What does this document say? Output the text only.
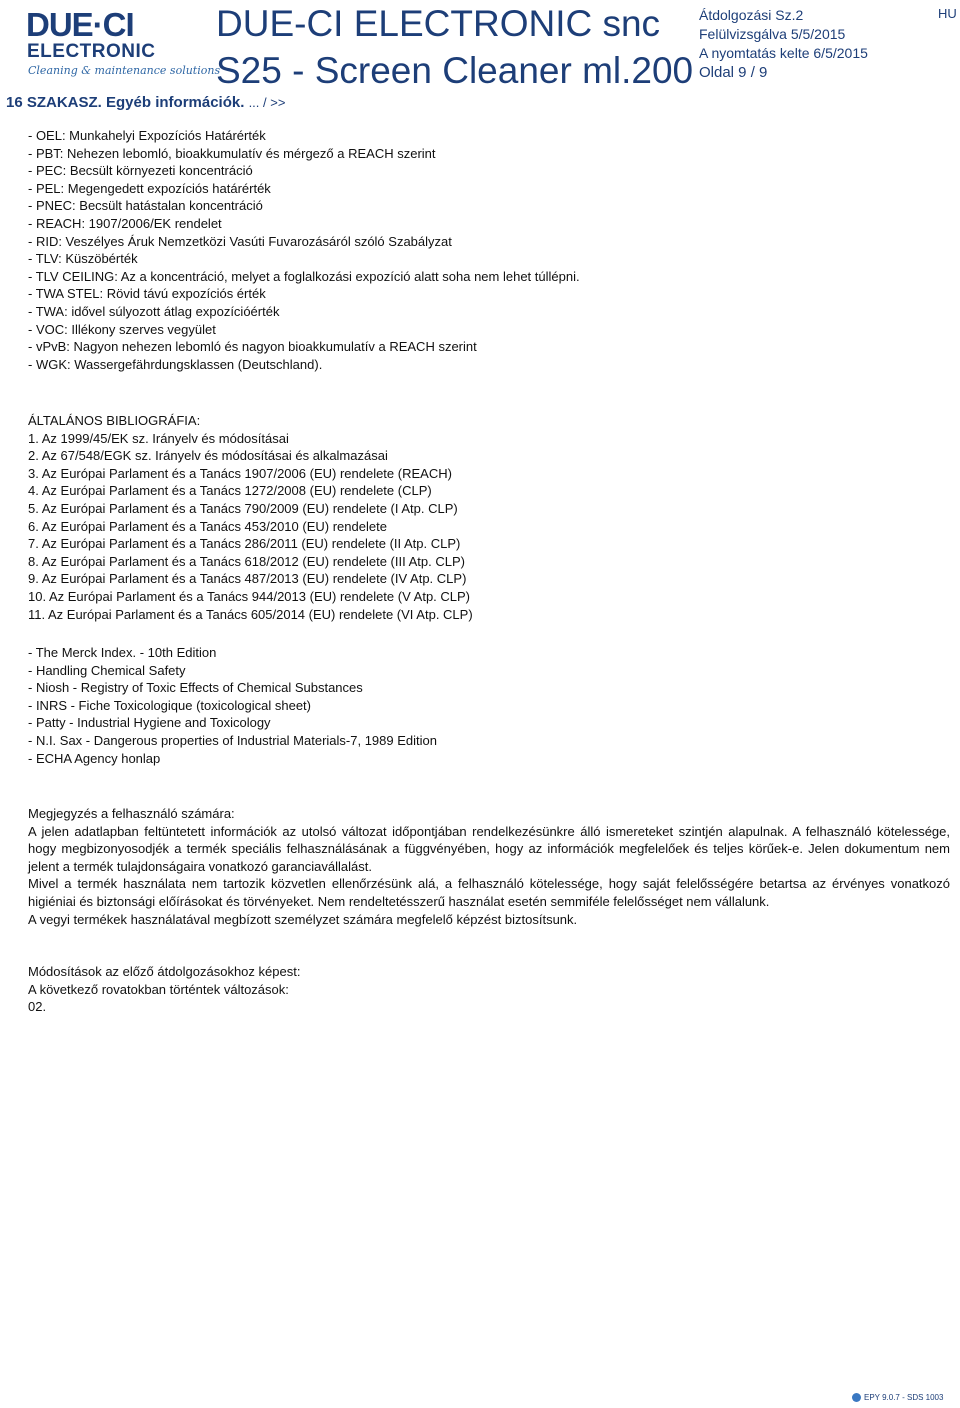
DUE·CI
ELECTRONIC
Cleaning & maintenance solutions
DUE-CI ELECTRONIC snc
S25 - Screen Cleaner ml.200
Átdolgozási Sz.2
Felülvizsgálva 5/5/2015
A nyomtatás kelte 6/5/2015
Oldal 9 / 9
HU
16 SZAKASZ. Egyéb információk. ... / >>
- OEL: Munkahelyi Expozíciós Határérték
- PBT: Nehezen lebomló, bioakkumulatív és mérgező a REACH szerint
- PEC: Becsült környezeti koncentráció
- PEL: Megengedett expozíciós határérték
- PNEC: Becsült hatástalan koncentráció
- REACH: 1907/2006/EK rendelet
- RID: Veszélyes Áruk Nemzetközi Vasúti Fuvarozásáról szóló Szabályzat
- TLV: Küszöbérték
- TLV CEILING: Az a koncentráció, melyet a foglalkozási expozíció alatt soha nem lehet túllépni.
- TWA STEL: Rövid távú expozíciós érték
- TWA: idővel súlyozott átlag expozícióérték
- VOC: Illékony szerves vegyület
- vPvB: Nagyon nehezen lebomló és nagyon bioakkumulatív a REACH szerint
- WGK: Wassergefährdungsklassen (Deutschland).
ÁLTALÁNOS BIBLIOGRÁFIA:
1. Az 1999/45/EK sz. Irányelv és módosításai
2. Az 67/548/EGK sz. Irányelv és módosításai és alkalmazásai
3. Az Európai Parlament és a Tanács 1907/2006 (EU) rendelete (REACH)
4. Az Európai Parlament és a Tanács 1272/2008 (EU) rendelete (CLP)
5. Az Európai Parlament és a Tanács 790/2009 (EU) rendelete (I Atp. CLP)
6. Az Európai Parlament és a Tanács 453/2010 (EU) rendelete
7. Az Európai Parlament és a Tanács 286/2011 (EU) rendelete (II Atp. CLP)
8. Az Európai Parlament és a Tanács 618/2012 (EU) rendelete (III Atp. CLP)
9. Az Európai Parlament és a Tanács 487/2013 (EU) rendelete (IV Atp. CLP)
10. Az Európai Parlament és a Tanács 944/2013 (EU) rendelete (V Atp. CLP)
11. Az Európai Parlament és a Tanács 605/2014 (EU) rendelete (VI Atp. CLP)
- The Merck Index. - 10th Edition
- Handling Chemical Safety
- Niosh - Registry of Toxic Effects of Chemical Substances
- INRS - Fiche Toxicologique (toxicological sheet)
- Patty - Industrial Hygiene and Toxicology
- N.I. Sax - Dangerous properties of Industrial Materials-7, 1989 Edition
- ECHA Agency honlap
Megjegyzés a felhasználó számára:

A jelen adatlapban feltüntetett információk az utolsó változat időpontjában rendelkezésünkre álló ismereteket szintjén alapulnak. A felhasználó kötelessége, hogy megbizonyosodjék a termék speciális felhasználásának a függvényében, hogy az információk megfelelőek és teljes körűek-e. Jelen dokumentum nem jelent a termék tulajdonságaira vonatkozó garanciavállalást.

Mivel a termék használata nem tartozik közvetlen ellenőrzésünk alá, a felhasználó kötelessége, hogy saját felelősségére betartsa az érvényes vonatkozó higiéniai és biztonsági előírásokat és törvényeket. Nem rendeltetésszerű használat esetén semmiféle felelősséget nem vállalunk.

A vegyi termékek használatával megbízott személyzet számára megfelelő képzést biztosítsunk.

Módosítások az előző átdolgozásokhoz képest:
A következő rovatokban történtek változások:
02.
EPY 9.0.7 - SDS 1003
